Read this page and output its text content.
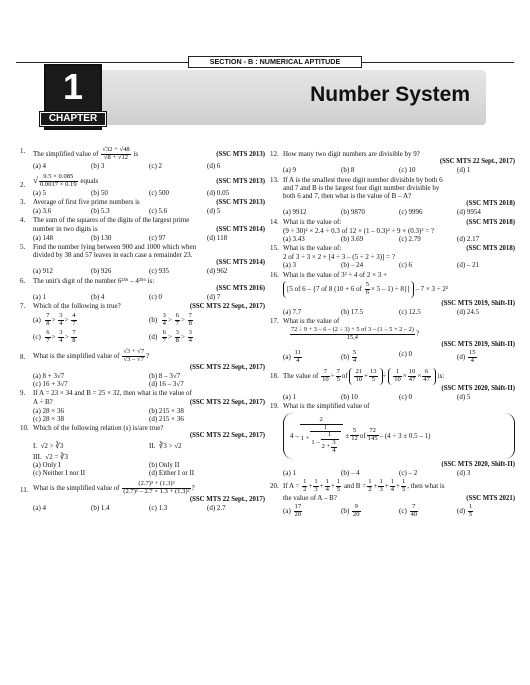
SECTION - B : NUMERICAL APTITUDE
1
CHAPTER
Number System
1.	The simplified value of $\frac{√32 + √48}{√8 + √12}$ is	(SSC MTS 2013)
(a) 4	(b) 3	(c) 2	(d) 6
2. √ $\frac{9.5 \times 0.085}{0.0017 \times 0.19}$ equals	(SSC MTS 2013)
(a) 5	(b) 50	(c) 500	(d) 0.05
3.	Average of first five prime numbers is	(SSC MTS 2013)
(a) 3.6	(b) 5.3	(c) 5.6	(d) 5
4.	The sum of the squares of the digits of the largest prime
number in two digits is	(SSC MTS 2014)
(a) 148	(b) 130	(c) 97	(d) 118
5.	Find the number lying between 900 and 1000 which when
divided by 38 and 57 leaves in each case a remainder 23.
(SSC MTS 2014)
(a) 912	(b) 926	(c) 935	(d) 962
6.	The unit's digit of the number 6²⁵⁶ – 4²⁵⁶ is:
(SSC MTS 2016)
(a) 1	(b) 4	(c) 0	(d) 7
7.	Which of the following is true?	(SSC MTS 22 Sept., 2017)
$(a) \frac{7}{8} > \frac{3}{4} > \frac{4}{7}$	$(b) \frac{3}{4} > \frac{6}{7} > \frac{7}{8}$
$(c) \frac{6}{7} > \frac{3}{4} > \frac{7}{8}$	$(d) \frac{6}{7} > \frac{3}{8} > \frac{3}{4}$
8.	What is the simplified value of $\frac{√3 + √7}{√3 - √7}$ ?
(SSC MTS 22 Sept., 2017)
(a) 8 + 3√7	(b) 8 – 3√7
(c) 16 + 3√7	(d) 16 – 3√7
9.	If A = 23 × 34 and B = 25 × 32, then what is the value of
A ÷ B?	(SSC MTS 22 Sept., 2017)
(a) 28 × 36	(b) 215 × 38
(c) 28 × 38	(d) 215 × 36
10. Which of the following relation (s) is/are true?
(SSC MTS 22 Sept., 2017)
I. √2 > ∛3	II. ∛3 > √2
III. √2 = ∛3
(a) Only I	(b) Only II
(c) Neither I nor II	(d) Either I or II
11. What is the simplified value of $\frac{\text{(2.7)³ + (1.3)³}}{\text{(2.7)² – 2.7 × 1.3 + (1.3)²}}$ ?
(SSC MTS 22 Sept., 2017)
(a) 4	(b) 1.4	(c) 1.3	(d) 2.7
12. How many two digit numbers are divisible by 9?
(SSC MTS 22 Sept., 2017)
(a) 9	(b) 8	(c) 10	(d) 1
13. If A is the smallest three digit number divisible by both 6
and 7 and B is the largest four digit number divisible by
both 6 and 7, then what is the value of B – A?
(SSC MTS 2018)
(a) 9912	(b) 9870	(c) 9996	(d) 9954
14. What is the value of:	(SSC MTS 2018)
(9 ÷ 30)² × 2.4 ÷ 0.3 of 12 × (1 – 0.3)² ÷ 9 × (0.3)² = ?
(a) 3.43	(b) 3.69	(c) 2.79	(d) 2.17
15. What is the value of:	(SSC MTS 2018)
2 of 3 ÷ 3 × 2 + [4 ÷ 3 – (5 ÷ 2 ÷ 3)] = ?
(a) 3	(b) – 24	(c) 6	(d) – 21
16. What is the value of 3² ÷ 4 of 2 × 3 +
[5 of 6 – {7 of 8 (10 + 6 of $\frac{5}{6} \times 5 - 1) \div 8\}] - 7 \times 3 \div 2^2$
(SSC MTS 2019, Shift-II)
(a) 7.7	(b) 17.5	(c) 12.5	(d) 24.5
17. What is the value of
$\frac{72 \div 9 + 3 - 6 - (2 \div 3) + 5 of 3 - (1 \div 5 \times 2 - 2)}{15,4}$ ?
(SSC MTS 2019, Shift-II)
$(a) \frac{11}{4}$	$(b) \frac{5}{4}$	(c) 0	$(d) \frac{15}{4}$
18. The value of $\frac{7}{10} \div \frac{7}{5}$ of $\frac{21}{10} + \frac{13}{5} \div \frac{1}{10} \times \frac{10}{47} \times \frac{6}{47}$ is:
(SSC MTS 2020, Shift-II)
(a) 1	(b) 10	(c) 0	(d) 5
19. What is the simplified value of
$4 - \frac{2}{1 + \frac{1}{1 - \frac{1}{2 + \frac{3}{4}}}} \pm \frac{5}{12}$ of $\frac{72}{145} - (4 \div 3 \pm 0.5 - 1)$
(SSC MTS 2020, Shift-II)
(a) 1	(b) – 4	(c) – 2	(d) 3
20. If $A = \frac{1}{2} + \frac{1}{3} + \frac{1}{4} + \frac{1}{5}$ and $B = \frac{1}{2} + \frac{1}{3} + \frac{1}{4} + \frac{1}{5}$ , then what is
the value of A – B?	(SSC MTS 2021)
$(a) \frac{17}{20}$	$(b) \frac{9}{20}$	$(c) \frac{7}{40}$	$(d) \frac{1}{5}$
